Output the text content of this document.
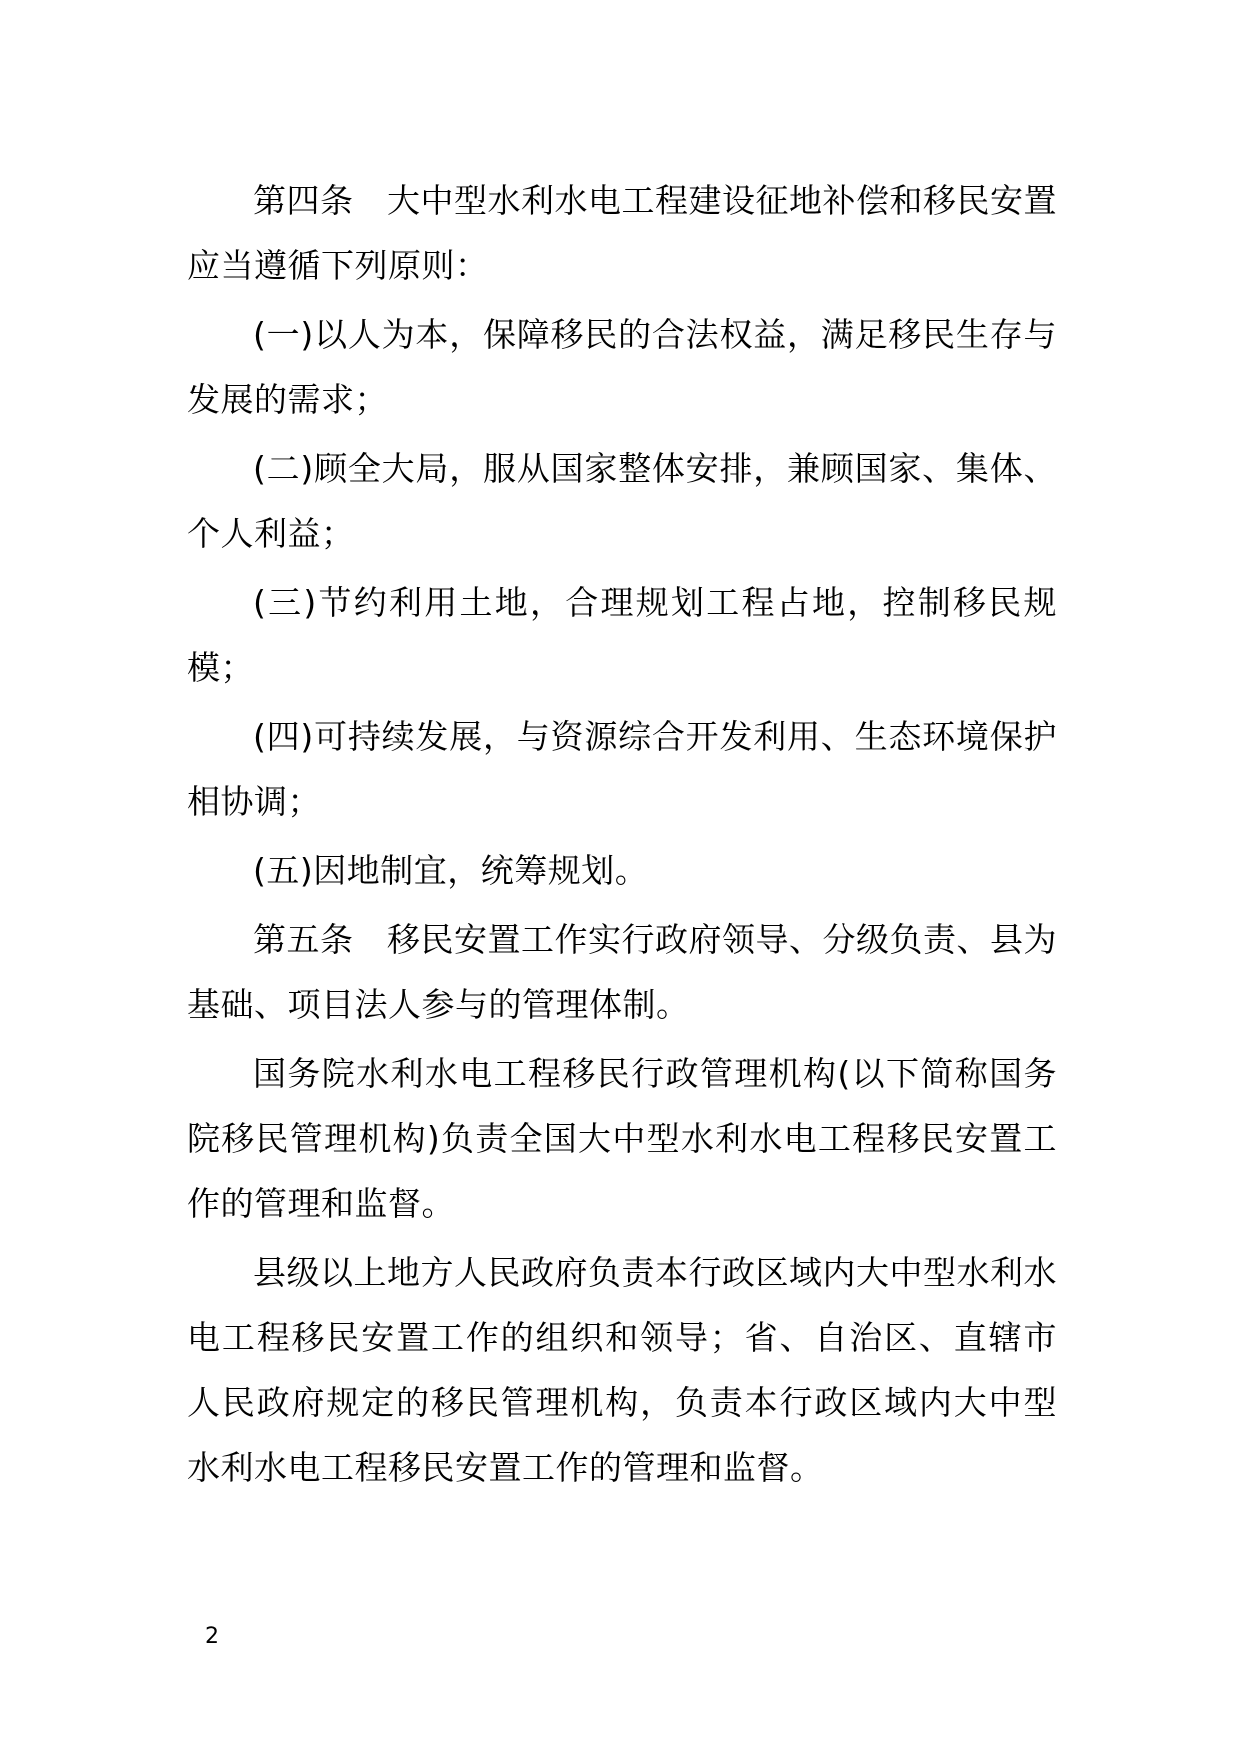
第四条　大中型水利水电工程建设征地补偿和移民安置应当遵循下列原则：

(一)以人为本，保障移民的合法权益，满足移民生存与发展的需求；

(二)顾全大局，服从国家整体安排，兼顾国家、集体、个人利益；

(三)节约利用土地，合理规划工程占地，控制移民规模；

(四)可持续发展，与资源综合开发利用、生态环境保护相协调；

(五)因地制宜，统筹规划。

第五条　移民安置工作实行政府领导、分级负责、县为基础、项目法人参与的管理体制。

国务院水利水电工程移民行政管理机构(以下简称国务院移民管理机构)负责全国大中型水利水电工程移民安置工作的管理和监督。

县级以上地方人民政府负责本行政区域内大中型水利水电工程移民安置工作的组织和领导；省、自治区、直辖市人民政府规定的移民管理机构，负责本行政区域内大中型水利水电工程移民安置工作的管理和监督。

2
